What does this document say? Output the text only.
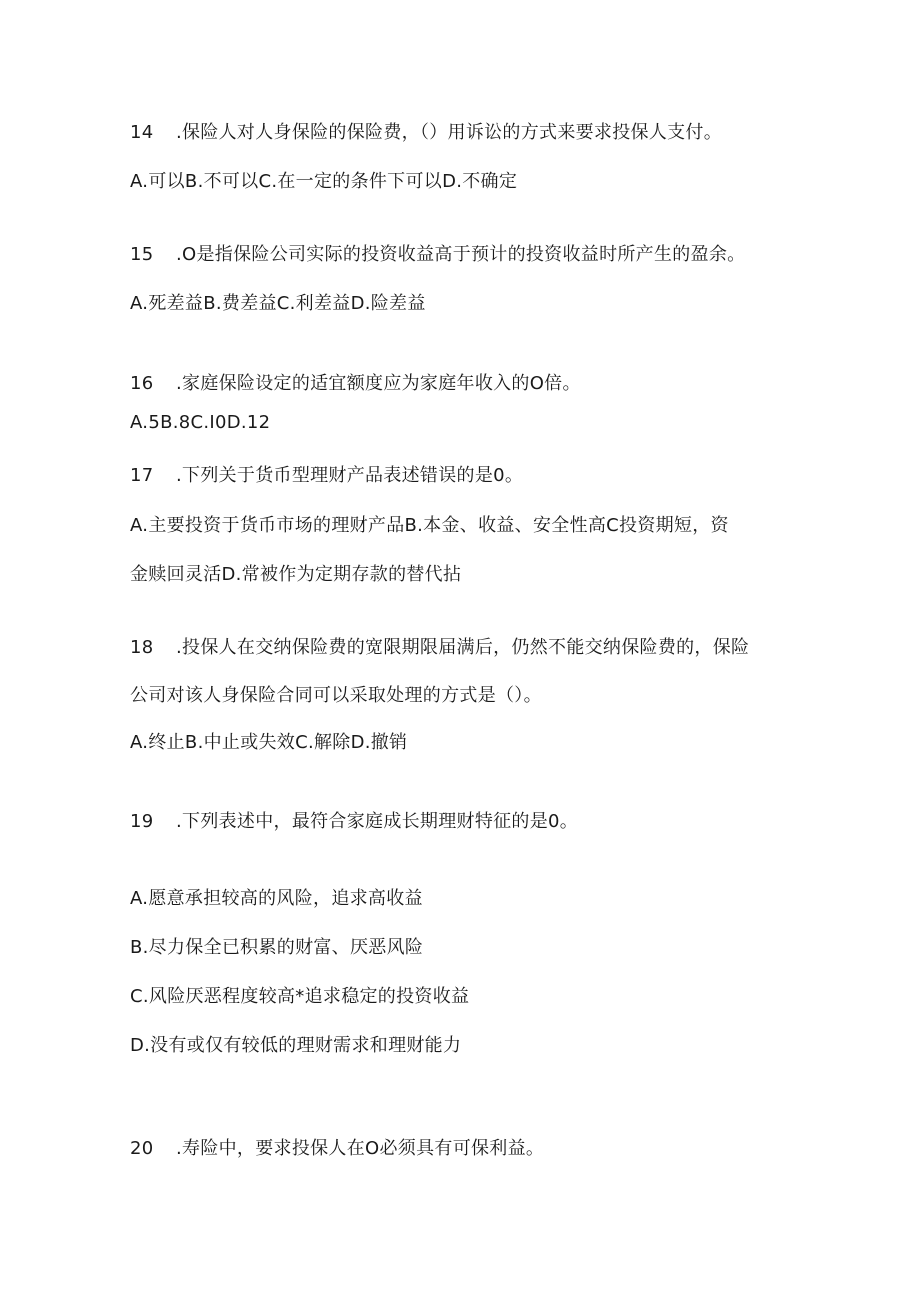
14 .保险人对人身保险的保险费，（）用诉讼的方式来要求投保人支付。
A.可以B.不可以C.在一定的条件下可以D.不确定
15 .O是指保险公司实际的投资收益高于预计的投资收益时所产生的盈余。
A.死差益B.费差益C.利差益D.险差益
16 .家庭保险设定的适宜额度应为家庭年收入的O倍。
A.5B.8C.I0D.12
17 .下列关于货币型理财产品表述错误的是0。
A.主要投资于货币市场的理财产品B.本金、收益、安全性高C投资期短，资
金赎回灵活D.常被作为定期存款的替代拈
18 .投保人在交纳保险费的宽限期限届满后，仍然不能交纳保险费的，保险
公司对该人身保险合同可以采取处理的方式是（）。
A.终止B.中止或失效C.解除D.撤销
19 .下列表述中，最符合家庭成长期理财特征的是0。
A.愿意承担较高的风险，追求高收益
B.尽力保全已积累的财富、厌恶风险
C.风险厌恶程度较高*追求稳定的投资收益
D.没有或仅有较低的理财需求和理财能力
20 .寿险中，要求投保人在O必须具有可保利益。
